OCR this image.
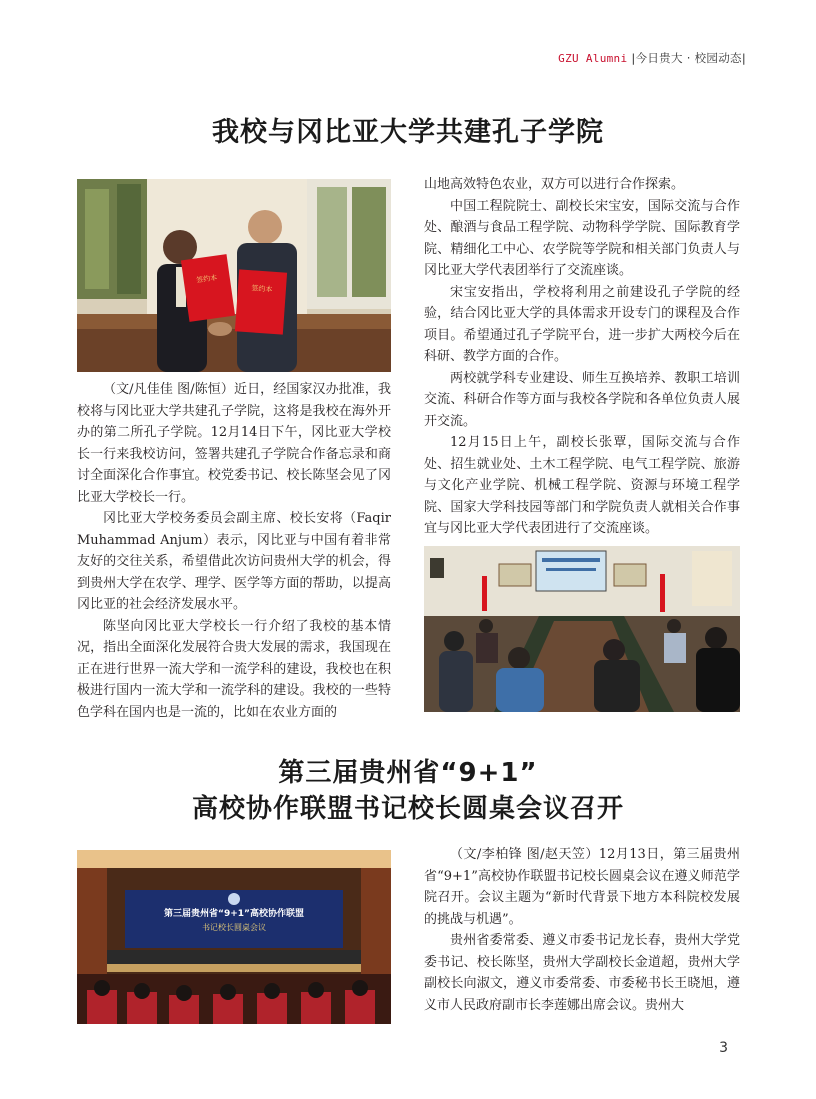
GZU Alumni |今日贵大 · 校园动态|
我校与冈比亚大学共建孔子学院
签约本
签约本

（文/凡佳佳 图/陈恒）近日，经国家汉办批准，我校将与冈比亚大学共建孔子学院，这将是我校在海外开办的第二所孔子学院。12月14日下午，冈比亚大学校长一行来我校访问，签署共建孔子学院合作备忘录和商讨全面深化合作事宜。校党委书记、校长陈坚会见了冈比亚大学校长一行。

冈比亚大学校务委员会副主席、校长安将（Faqir Muhammad Anjum）表示，冈比亚与中国有着非常友好的交往关系，希望借此次访问贵州大学的机会，得到贵州大学在农学、理学、医学等方面的帮助，以提高冈比亚的社会经济发展水平。

陈坚向冈比亚大学校长一行介绍了我校的基本情况，指出全面深化发展符合贵大发展的需求，我国现在正在进行世界一流大学和一流学科的建设，我校也在积极进行国内一流大学和一流学科的建设。我校的一些特色学科在国内也是一流的，比如在农业方面的

山地高效特色农业，双方可以进行合作探索。

中国工程院院士、副校长宋宝安，国际交流与合作处、酿酒与食品工程学院、动物科学学院、国际教育学院、精细化工中心、农学院等学院和相关部门负责人与冈比亚大学代表团举行了交流座谈。

宋宝安指出，学校将利用之前建设孔子学院的经验，结合冈比亚大学的具体需求开设专门的课程及合作项目。希望通过孔子学院平台，进一步扩大两校今后在科研、教学方面的合作。

两校就学科专业建设、师生互换培养、教职工培训交流、科研合作等方面与我校各学院和各单位负责人展开交流。

12月15日上午，副校长张覃，国际交流与合作处、招生就业处、土木工程学院、电气工程学院、旅游与文化产业学院、机械工程学院、资源与环境工程学院、国家大学科技园等部门和学院负责人就相关合作事宜与冈比亚大学代表团进行了交流座谈。

第三届贵州省“9+1”
高校协作联盟书记校长圆桌会议召开
第三届贵州省“9+1”高校协作联盟
书记校长圆桌会议

（文/李柏锋 图/赵天笠）12月13日，第三届贵州省“9+1”高校协作联盟书记校长圆桌会议在遵义师范学院召开。会议主题为“新时代背景下地方本科院校发展的挑战与机遇”。

贵州省委常委、遵义市委书记龙长春，贵州大学党委书记、校长陈坚，贵州大学副校长金道超，贵州大学副校长向淑文，遵义市委常委、市委秘书长王晓旭，遵义市人民政府副市长李莲娜出席会议。贵州大

3
